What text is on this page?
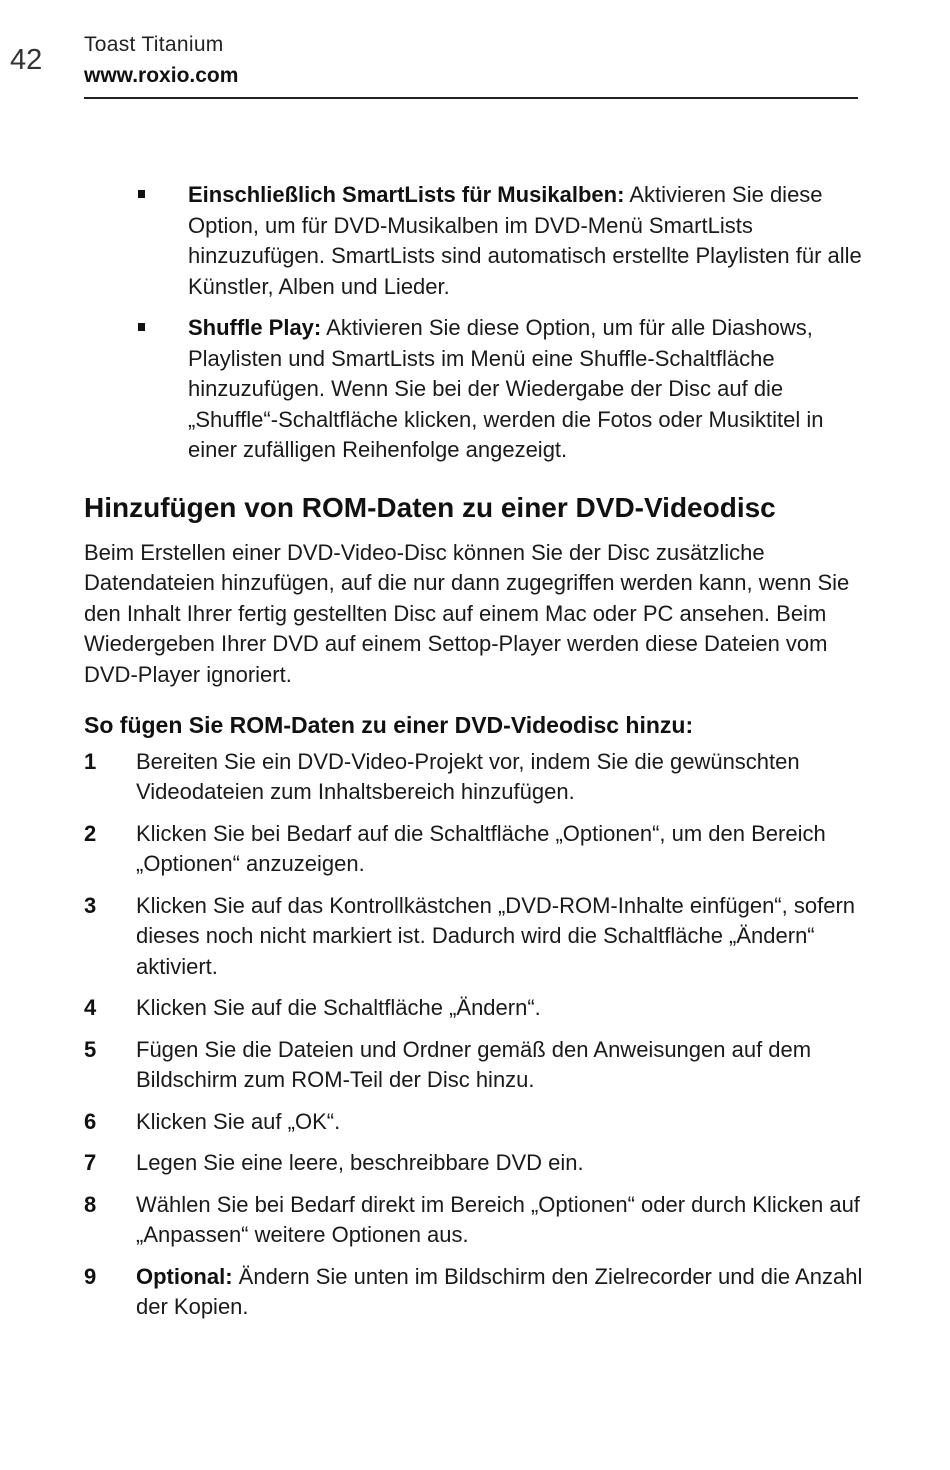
42 Toast Titanium
www.roxio.com
Einschließlich SmartLists für Musikalben: Aktivieren Sie diese Option, um für DVD-Musikalben im DVD-Menü SmartLists hinzuzufügen. SmartLists sind automatisch erstellte Playlisten für alle Künstler, Alben und Lieder.
Shuffle Play: Aktivieren Sie diese Option, um für alle Diashows, Playlisten und SmartLists im Menü eine Shuffle-Schaltfläche hinzuzufügen. Wenn Sie bei der Wiedergabe der Disc auf die „Shuffle“-Schaltfläche klicken, werden die Fotos oder Musiktitel in einer zufälligen Reihenfolge angezeigt.
Hinzufügen von ROM-Daten zu einer DVD-Videodisc

Beim Erstellen einer DVD-Video-Disc können Sie der Disc zusätzliche Datendateien hinzufügen, auf die nur dann zugegriffen werden kann, wenn Sie den Inhalt Ihrer fertig gestellten Disc auf einem Mac oder PC ansehen. Beim Wiedergeben Ihrer DVD auf einem Settop-Player werden diese Dateien vom DVD-Player ignoriert.

So fügen Sie ROM-Daten zu einer DVD-Videodisc hinzu:
1 Bereiten Sie ein DVD-Video-Projekt vor, indem Sie die gewünschten Videodateien zum Inhaltsbereich hinzufügen.
2 Klicken Sie bei Bedarf auf die Schaltfläche „Optionen“, um den Bereich „Optionen“ anzuzeigen.
3 Klicken Sie auf das Kontrollkästchen „DVD-ROM-Inhalte einfügen“, sofern dieses noch nicht markiert ist. Dadurch wird die Schaltfläche „Ändern“ aktiviert.
4 Klicken Sie auf die Schaltfläche „Ändern“.
5 Fügen Sie die Dateien und Ordner gemäß den Anweisungen auf dem Bildschirm zum ROM-Teil der Disc hinzu.
6 Klicken Sie auf „OK“.
7 Legen Sie eine leere, beschreibbare DVD ein.
8 Wählen Sie bei Bedarf direkt im Bereich „Optionen“ oder durch Klicken auf „Anpassen“ weitere Optionen aus.
9 Optional: Ändern Sie unten im Bildschirm den Zielrecorder und die Anzahl der Kopien.
